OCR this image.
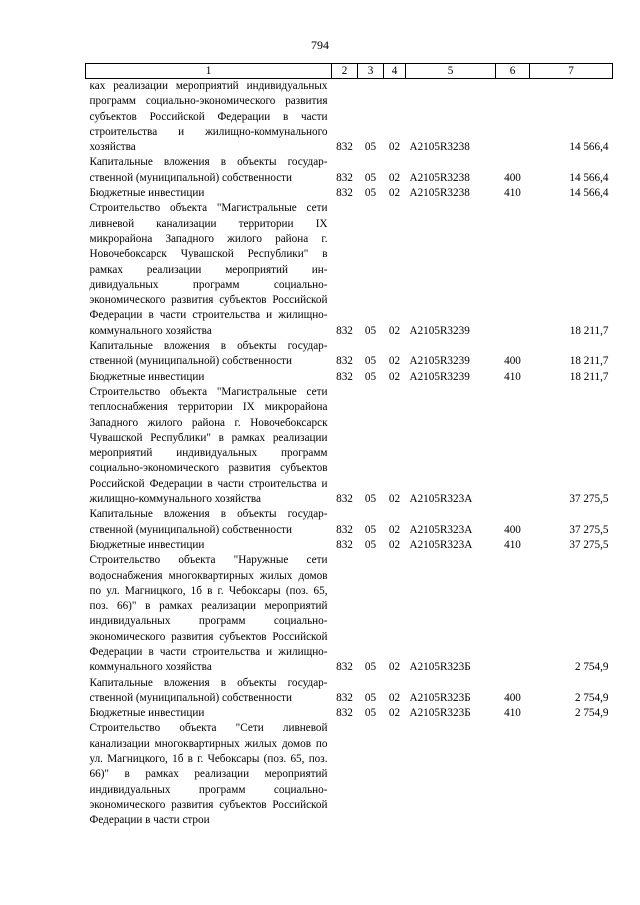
794
1	2	3	4	5	6	7
ках реализации мероприятий индивидуальных программ социально-экономического развития субъектов Российской Федерации в части строительства и жилищно-коммунального хозяйства	832	05	02	А2105R3238		14 566,4
Капитальные вложения в объекты государственной (муниципальной) собственности	832	05	02	А2105R3238	400	14 566,4
Бюджетные инвестиции	832	05	02	А2105R3238	410	14 566,4
Строительство объекта "Магистральные сети ливневой канализации территории IX микрорайона Западного жилого района г. Новочебоксарск Чувашской Республики" в рамках реализации мероприятий индивидуальных программ социально-экономического развития субъектов Российской Федерации в части строительства и жилищно-коммунального хозяйства	832	05	02	А2105R3239		18 211,7
Капитальные вложения в объекты государственной (муниципальной) собственности	832	05	02	А2105R3239	400	18 211,7
Бюджетные инвестиции	832	05	02	А2105R3239	410	18 211,7
Строительство объекта "Магистральные сети теплоснабжения территории IX микрорайона Западного жилого района г. Новочебоксарск Чувашской Республики" в рамках реализации мероприятий индивидуальных программ социально-экономического развития субъектов Российской Федерации в части строительства и жилищно-коммунального хозяйства	832	05	02	А2105R323А		37 275,5
Капитальные вложения в объекты государственной (муниципальной) собственности	832	05	02	А2105R323А	400	37 275,5
Бюджетные инвестиции	832	05	02	А2105R323А	410	37 275,5
Строительство объекта "Наружные сети водоснабжения многоквартирных жилых домов по ул. Магницкого, 1б в г. Чебоксары (поз. 65, поз. 66)" в рамках реализации мероприятий индивидуальных программ социально-экономического развития субъектов Российской Федерации в части строительства и жилищно-коммунального хозяйства	832	05	02	А2105R323Б		2 754,9
Капитальные вложения в объекты государственной (муниципальной) собственности	832	05	02	А2105R323Б	400	2 754,9
Бюджетные инвестиции	832	05	02	А2105R323Б	410	2 754,9
Строительство объекта "Сети ливневой канализации многоквартирных жилых домов по ул. Магницкого, 1б в г. Чебоксары (поз. 65, поз. 66)" в рамках реализации мероприятий индивидуальных программ социально-экономического развития субъектов Российской Федерации в части строи						
